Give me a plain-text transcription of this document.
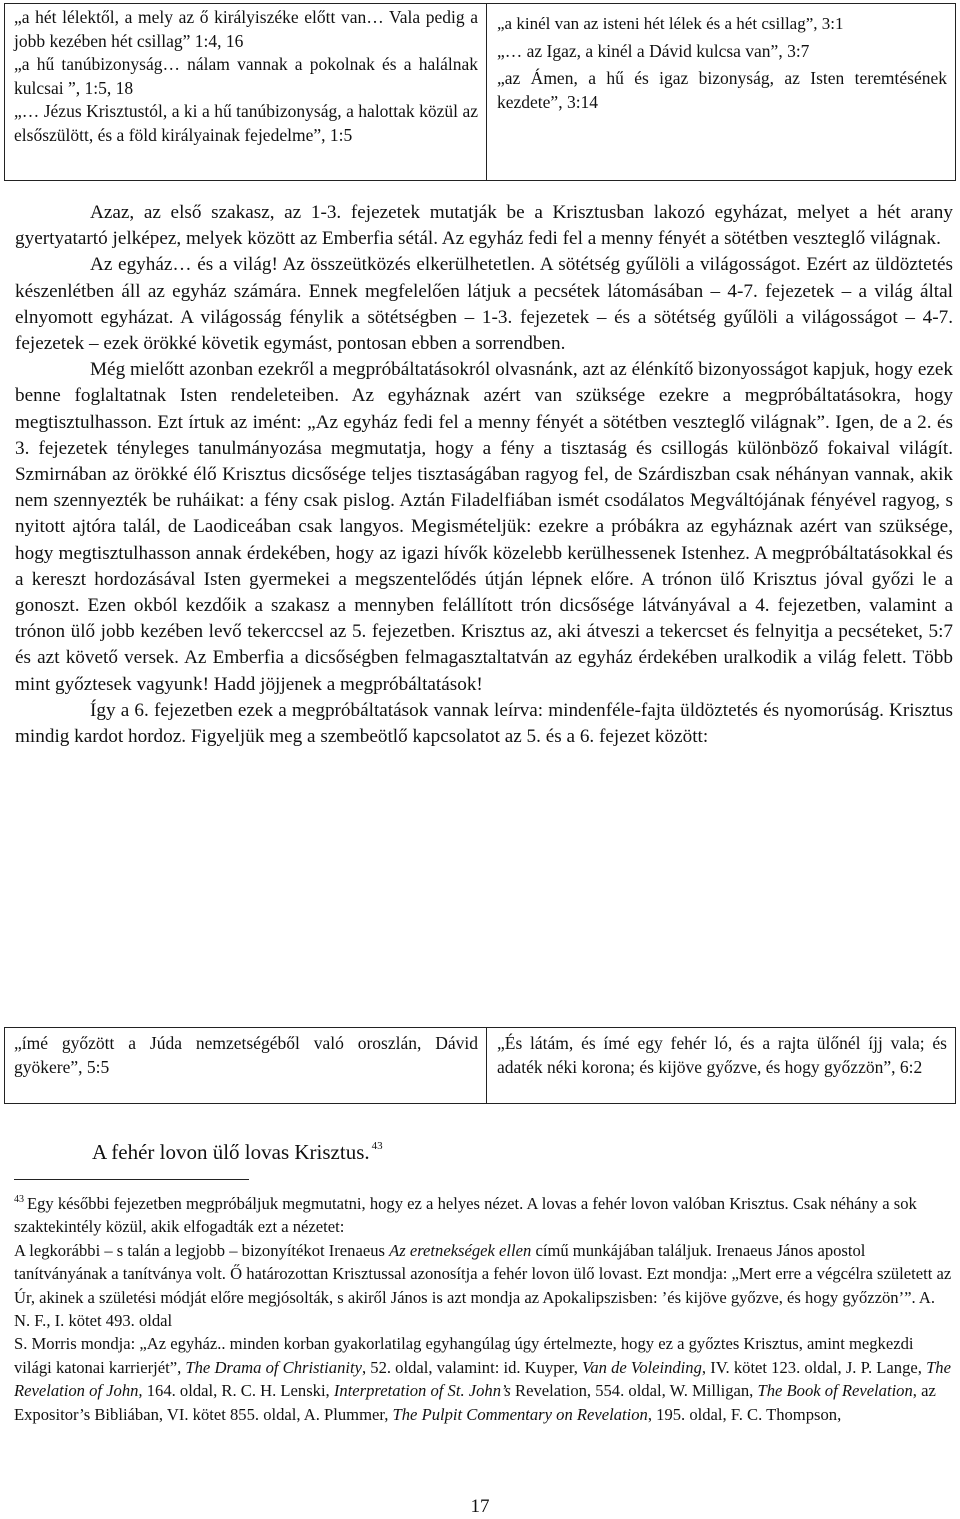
„a hét lélektől, a mely az ő királyiszéke előtt van… Vala pedig a jobb kezében hét csillag” 1:4, 16

„a hű tanúbizonyság… nálam vannak a pokolnak és a halálnak kulcsai ”, 1:5, 18

„… Jézus Krisztustól, a ki a hű tanúbizonyság, a halottak közül az elsőszülött, és a föld királyainak fejedelme”, 1:5

„a kinél van az isteni hét lélek és a hét csillag”, 3:1

„… az Igaz, a kinél a Dávid kulcsa van”, 3:7

„az Ámen, a hű és igaz bizonyság, az Isten teremtésének kezdete”, 3:14

Azaz, az első szakasz, az 1-3. fejezetek mutatják be a Krisztusban lakozó egyházat, melyet a hét arany gyertyatartó jelképez, melyek között az Emberfia sétál. Az egyház fedi fel a menny fényét a sötétben veszteglő világnak.

Az egyház… és a világ! Az összeütközés elkerülhetetlen. A sötétség gyűlöli a világosságot. Ezért az üldöztetés készenlétben áll az egyház számára. Ennek megfelelően látjuk a pecsétek látomásában – 4-7. fejezetek – a világ által elnyomott egyházat. A világosság fénylik a sötétségben – 1-3. fejezetek – és a sötétség gyűlöli a világosságot – 4-7. fejezetek – ezek örökké követik egymást, pontosan ebben a sorrendben.

Még mielőtt azonban ezekről a megpróbáltatásokról olvasnánk, azt az élénkítő bizonyosságot kapjuk, hogy ezek benne foglaltatnak Isten rendeleteiben. Az egyháznak azért van szüksége ezekre a megpróbáltatásokra, hogy megtisztulhasson. Ezt írtuk az imént: „Az egyház fedi fel a menny fényét a sötétben veszteglő világnak”. Igen, de a 2. és 3. fejezetek tényleges tanulmányozása megmutatja, hogy a fény a tisztaság és csillogás különböző fokaival világít. Szmirnában az örökké élő Krisztus dicsősége teljes tisztaságában ragyog fel, de Szárdiszban csak néhányan vannak, akik nem szennyezték be ruháikat: a fény csak pislog. Aztán Filadelfiában ismét csodálatos Megváltójának fényével ragyog, s nyitott ajtóra talál, de Laodiceában csak langyos. Megismételjük: ezekre a próbákra az egyháznak azért van szüksége, hogy megtisztulhasson annak érdekében, hogy az igazi hívők közelebb kerülhessenek Istenhez. A megpróbáltatásokkal és a kereszt hordozásával Isten gyermekei a megszentelődés útján lépnek előre. A trónon ülő Krisztus jóval győzi le a gonoszt. Ezen okból kezdőik a szakasz a mennyben felállított trón dicsősége látványával a 4. fejezetben, valamint a trónon ülő jobb kezében levő tekerccsel az 5. fejezetben. Krisztus az, aki átveszi a tekercset és felnyitja a pecséteket, 5:7 és azt követő versek. Az Emberfia a dicsőségben felmagasztaltatván az egyház érdekében uralkodik a világ felett. Több mint győztesek vagyunk! Hadd jöjjenek a megpróbáltatások!

Így a 6. fejezetben ezek a megpróbáltatások vannak leírva: mindenféle-fajta üldöztetés és nyomorúság. Krisztus mindig kardot hordoz. Figyeljük meg a szembeötlő kapcsolatot az 5. és a 6. fejezet között:

„ímé győzött a Júda nemzetségéből való oroszlán, Dávid gyökere”, 5:5
„És látám, és ímé egy fehér ló, és a rajta ülőnél íjj vala; és adaték néki korona; és kijöve győzve, és hogy győzzön”, 6:2
A fehér lovon ülő lovas Krisztus. $^{43}$
$^{43}$ Egy későbbi fejezetben megpróbáljuk megmutatni, hogy ez a helyes nézet. A lovas a fehér lovon valóban Krisztus. Csak néhány a sok szaktekintély közül, akik elfogadták ezt a nézetet:
A legkorábbi – s talán a legjobb – bizonyítékot Irenaeus Az eretnekségek ellen című munkájában találjuk. Irenaeus János apostol tanítványának a tanítványa volt. Ő határozottan Krisztussal azonosítja a fehér lovon ülő lovast. Ezt mondja: „Mert erre a végcélra született az Úr, akinek a születési módját előre megjósolták, s akiről János is azt mondja az Apokalipszisben: ’és kijöve győzve, és hogy győzzön’”. A. N. F., I. kötet 493. oldal
S. Morris mondja: „Az egyház.. minden korban gyakorlatilag egyhangúlag úgy értelmezte, hogy ez a győztes Krisztus, amint megkezdi világi katonai karrierjét”, The Drama of Christianity, 52. oldal, valamint: id. Kuyper, Van de Voleinding, IV. kötet 123. oldal, J. P. Lange, The Revelation of John, 164. oldal, R. C. H. Lenski, Interpretation of St. John’s Revelation, 554. oldal, W. Milligan, The Book of Revelation, az Expositor’s Bibliában, VI. kötet 855. oldal, A. Plummer, The Pulpit Commentary on Revelation, 195. oldal, F. C. Thompson,
17
